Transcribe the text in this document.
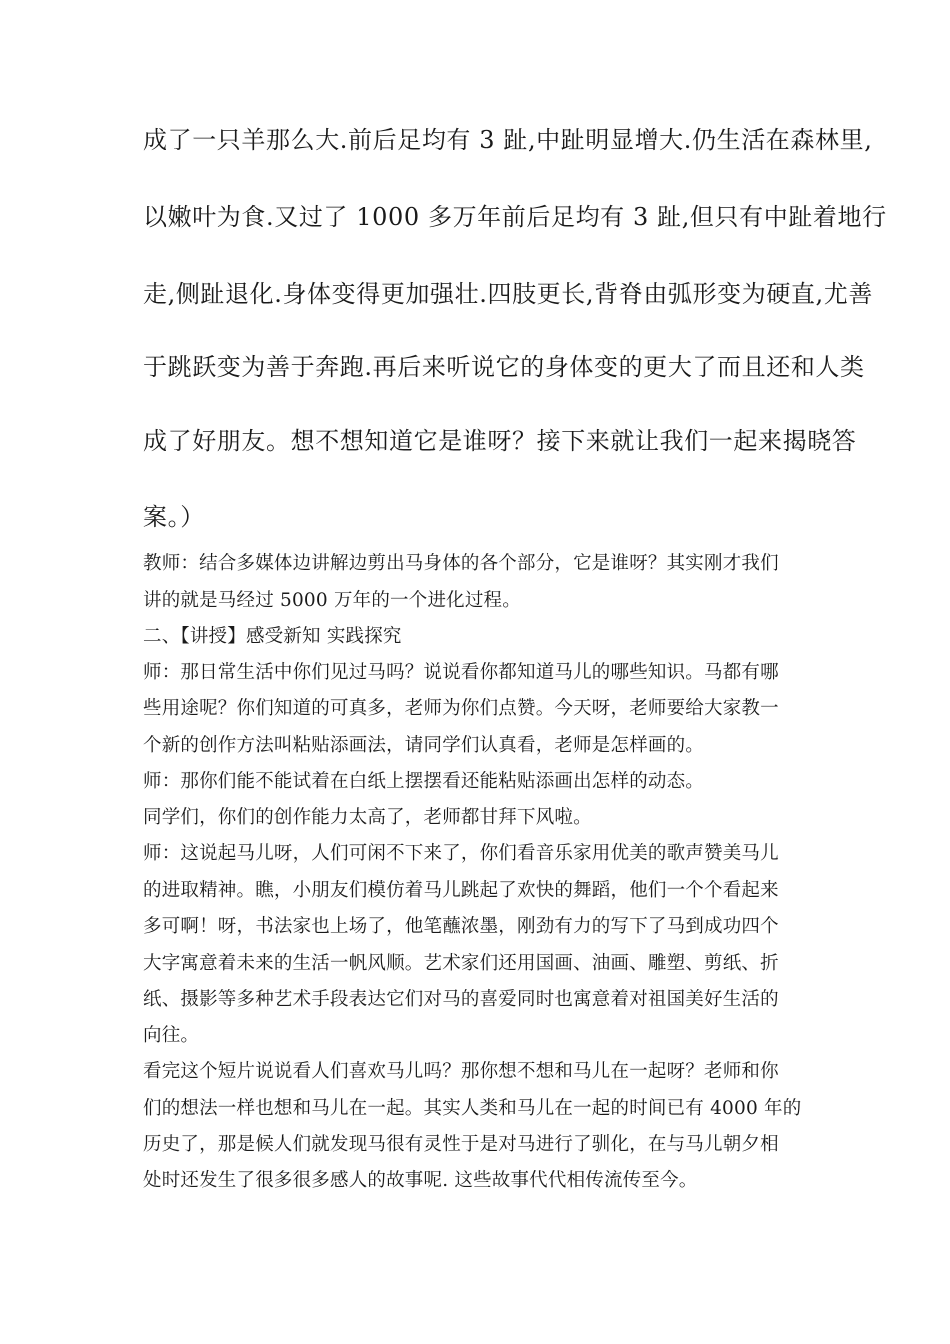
成了一只羊那么大.前后足均有 3 趾,中趾明显增大.仍生活在森林里,
以嫩叶为食.又过了 1000 多万年前后足均有 3 趾,但只有中趾着地行
走,侧趾退化.身体变得更加强壮.四肢更长,背脊由弧形变为硬直,尤善
于跳跃变为善于奔跑.再后来听说它的身体变的更大了而且还和人类
成了好朋友。想不想知道它是谁呀？接下来就让我们一起来揭晓答
案。）
教师：结合多媒体边讲解边剪出马身体的各个部分，它是谁呀？其实刚才我们
讲的就是马经过 5000 万年的一个进化过程。
二、【讲授】感受新知 实践探究
师：那日常生活中你们见过马吗？说说看你都知道马儿的哪些知识。马都有哪
些用途呢？你们知道的可真多，老师为你们点赞。今天呀，老师要给大家教一
个新的创作方法叫粘贴添画法，请同学们认真看，老师是怎样画的。
师：那你们能不能试着在白纸上摆摆看还能粘贴添画出怎样的动态。
同学们，你们的创作能力太高了，老师都甘拜下风啦。
师：这说起马儿呀，人们可闲不下来了，你们看音乐家用优美的歌声赞美马儿
的进取精神。瞧，小朋友们模仿着马儿跳起了欢快的舞蹈，他们一个个看起来
多可啊！呀，书法家也上场了，他笔蘸浓墨，刚劲有力的写下了马到成功四个
大字寓意着未来的生活一帆风顺。艺术家们还用国画、油画、雕塑、剪纸、折
纸、摄影等多种艺术手段表达它们对马的喜爱同时也寓意着对祖国美好生活的
向往。
看完这个短片说说看人们喜欢马儿吗？那你想不想和马儿在一起呀？老师和你
们的想法一样也想和马儿在一起。其实人类和马儿在一起的时间已有 4000 年的
历史了，那是候人们就发现马很有灵性于是对马进行了驯化，在与马儿朝夕相
处时还发生了很多很多感人的故事呢. 这些故事代代相传流传至今。
